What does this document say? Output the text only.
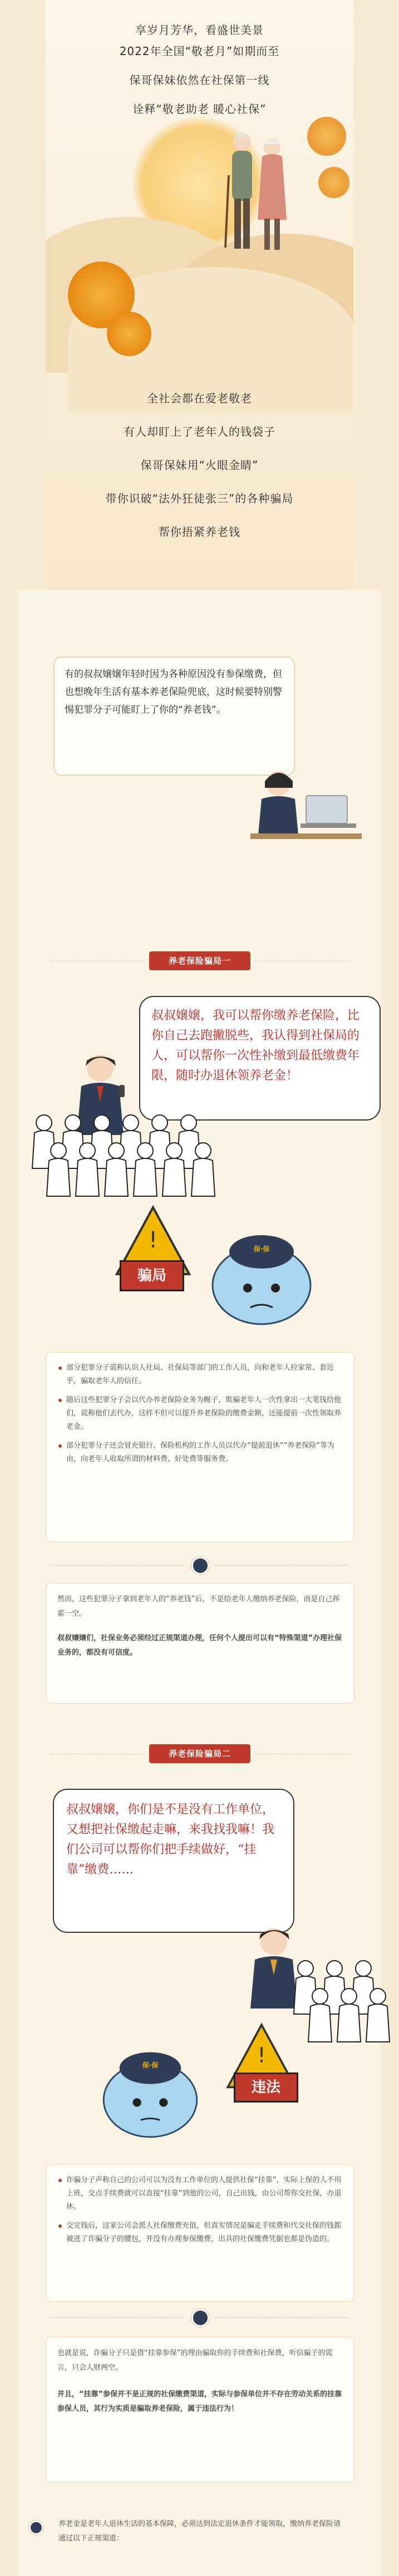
享岁月芳华，看盛世美景
2022年全国“敬老月”如期而至
保哥保妹依然在社保第一线
诠释“敬老助老 暖心社保”
全社会都在爱老敬老
有人却盯上了老年人的钱袋子
保哥保妹用“火眼金睛”
带你识破“法外狂徒张三”的各种骗局
帮你捂紧养老钱
有的叔叔嬢嬢年轻时因为各种原因没有参保缴费，但也想晚年生活有基本养老保险兜底，这时候要特别警惕犯罪分子可能盯上了你的“养老钱”。
养老保险骗局一
叔叔嬢嬢，我可以帮你缴养老保险，比你自己去跑撇脱些，我认得到社保局的人，可以帮你一次性补缴到最低缴费年限，随时办退休领养老金！
!
骗局
保·保
部分犯罪分子谎称认识人社局、社保局等部门的工作人员，向和老年人拉家常、套近乎，骗取老年人的信任。
随后这些犯罪分子会以代办养老保险业务为幌子，欺骗老年人一次性拿出一大笔钱给他们，谎称他们去代办，这样不但可以提升养老保险的缴费金额，还能提前一次性领取养老金。
部分犯罪分子还会冒充银行、保险机构的工作人员以代办“提前退休”“养老保险”等为由，向老年人收取所谓的材料费、好处费等服务费。
然而，这些犯罪分子拿到老年人的“养老钱”后，不是给老年人缴纳养老保险，而是自己挥霍一空。
叔叔嬢嬢们，社保业务必须经过正规渠道办理，任何个人提出可以有“特殊渠道”办理社保业务的，都没有可信度。
养老保险骗局二
叔叔嬢嬢，你们是不是没有工作单位，又想把社保缴起走嘛，来我找我嘛！我们公司可以帮你们把手续做好，“挂靠”缴费……
!
违法
保·保
诈骗分子声称自己的公司可以为没有工作单位的人提供社保“挂靠”，实际上保的人不用上班，交点手续费就可以直接“挂靠”到他的公司，自己出钱，由公司帮你交社保，办退休。
交完钱后，这家公司会派人社保缴费充值，但真实情况是骗走手续费和代交社保的钱都被进了诈骗分子的腰包，并没有办理参保缴费，出具的社保缴费凭据也都是伪造的。
也就是说，诈骗分子只是借“挂靠参保”的理由骗取你的手续费和社保费，听信骗子的谎言，只会人财两空。
并且，“挂靠”参保并不是正规的社保缴费渠道，实际与参保单位并不存在劳动关系的挂靠参保人员，其行为实质是骗取养老保险，属于违法行为！
养老金是老年人退休生活的基本保障，必须达到法定退休条件才能领取，缴纳养老保险请通过以下正规渠道：
